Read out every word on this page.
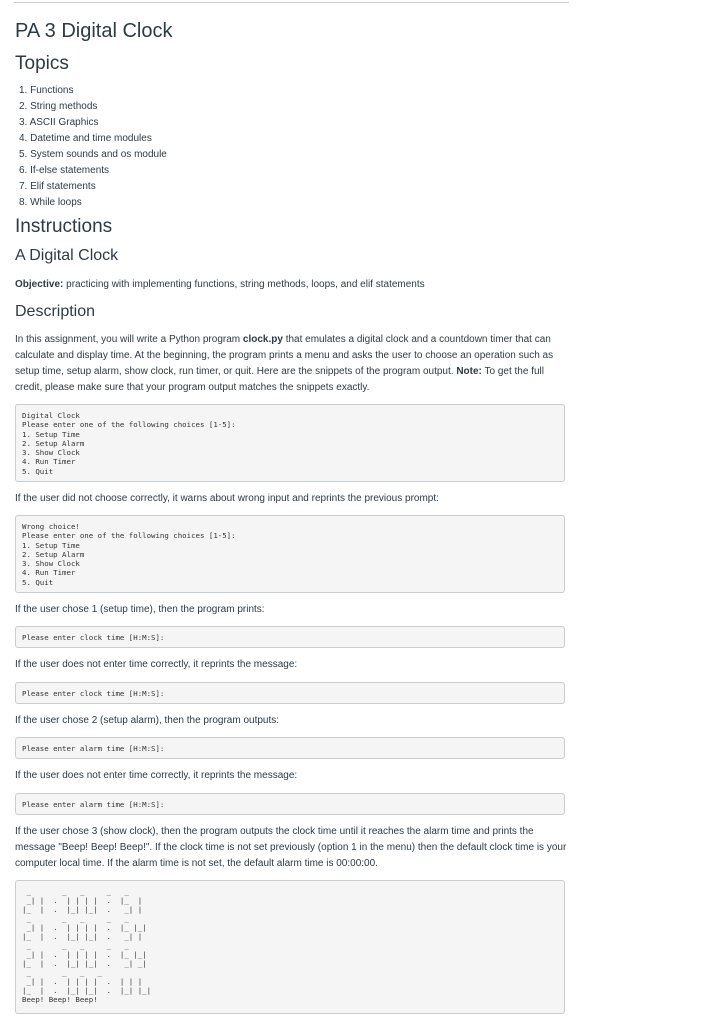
PA 3 Digital Clock
Topics
1. Functions
2. String methods
3. ASCII Graphics
4. Datetime and time modules
5. System sounds and os module
6. If-else statements
7. Elif statements
8. While loops
Instructions
A Digital Clock

Objective: practicing with implementing functions, string methods, loops, and elif statements

Description

In this assignment, you will write a Python program clock.py that emulates a digital clock and a countdown timer that can calculate and display time. At the beginning, the program prints a menu and asks the user to choose an operation such as setup time, setup alarm, show clock, run timer, or quit. Here are the snippets of the program output. Note: To get the full credit, please make sure that your program output matches the snippets exactly.

Digital Clock
Please enter one of the following choices [1-5]:
1. Setup Time
2. Setup Alarm
3. Show Clock
4. Run Timer
5. Quit

If the user did not choose correctly, it warns about wrong input and reprints the previous prompt:

Wrong choice!
Please enter one of the following choices [1-5]:
1. Setup Time
2. Setup Alarm
3. Show Clock
4. Run Timer
5. Quit

If the user chose 1 (setup time), then the program prints:

Please enter clock time [H:M:S]:

If the user does not enter time correctly, it reprints the message:

Please enter clock time [H:M:S]:

If the user chose 2 (setup alarm), then the program outputs:

Please enter alarm time [H:M:S]:

If the user does not enter time correctly, it reprints the message:

Please enter alarm time [H:M:S]:

If the user chose 3 (show clock), then the program outputs the clock time until it reaches the alarm time and prints the message "Beep! Beep! Beep!". If the clock time is not set previously (option 1 in the menu) then the default clock time is your computer local time. If the alarm time is not set, the default alarm time is 00:00:00.

_       _   _     _   _
_| |  .  | | | |  .  |_  |
|_  |  .  |_| |_|  .   _| |
_       _   _     _   _
_| |  .  | | | |  .  |_ |_|
|_  |  .  |_| |_|  .   _| |
_       _   _     _   _
_| |  .  | | | |  .  |_ |_|
|_  |  .  |_| |_|  .   _| _|
_       _   _   _
_| |  .  | | | |  .  | | |
|_  |  .  |_| |_|  .  |_| |_|
Beep! Beep! Beep!
